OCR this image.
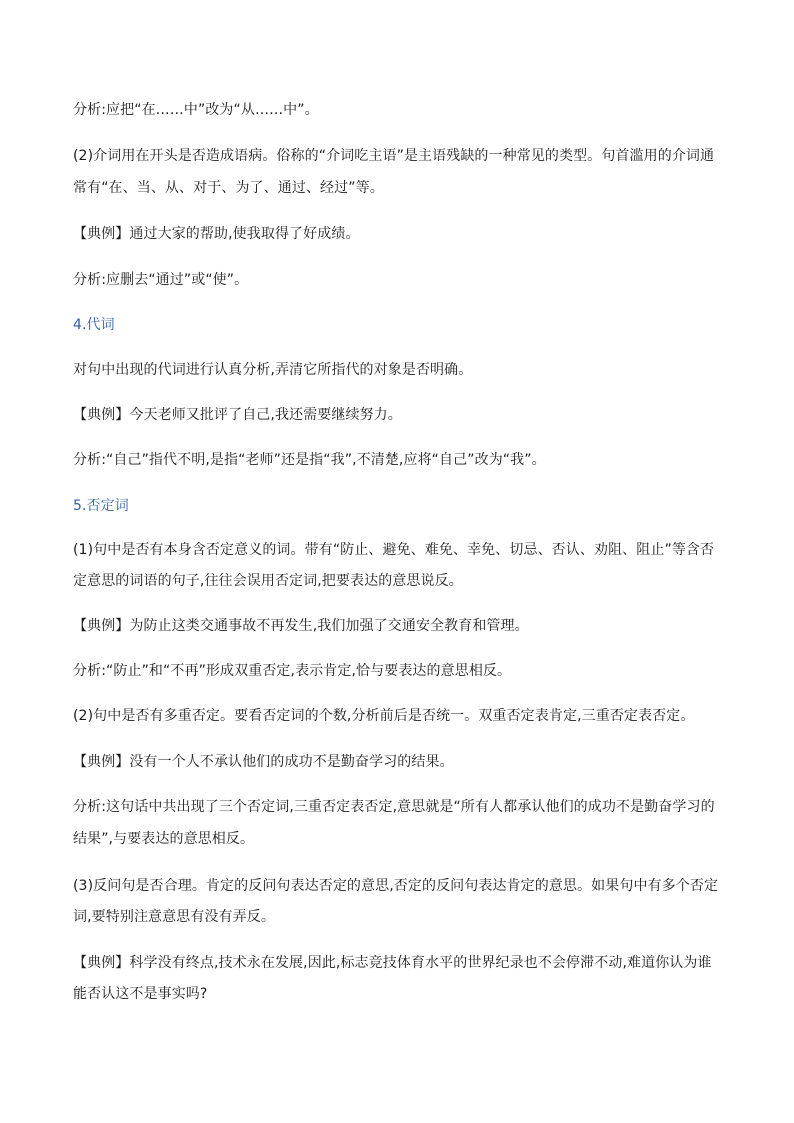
分析:应把“在……中”改为“从……中”。
(2)介词用在开头是否造成语病。俗称的“介词吃主语”是主语残缺的一种常见的类型。句首滥用的介词通
常有“在、当、从、对于、为了、通过、经过”等。
【典例】通过大家的帮助,使我取得了好成绩。
分析:应删去“通过”或“使”。
4.代词
对句中出现的代词进行认真分析,弄清它所指代的对象是否明确。
【典例】今天老师又批评了自己,我还需要继续努力。
分析:“自己”指代不明,是指“老师”还是指“我”,不清楚,应将“自己”改为“我”。
5.否定词
(1)句中是否有本身含否定意义的词。带有“防止、避免、难免、幸免、切忌、否认、劝阻、阻止”等含否
定意思的词语的句子,往往会误用否定词,把要表达的意思说反。
【典例】为防止这类交通事故不再发生,我们加强了交通安全教育和管理。
分析:“防止”和“不再”形成双重否定,表示肯定,恰与要表达的意思相反。
(2)句中是否有多重否定。要看否定词的个数,分析前后是否统一。双重否定表肯定,三重否定表否定。
【典例】没有一个人不承认他们的成功不是勤奋学习的结果。
分析:这句话中共出现了三个否定词,三重否定表否定,意思就是“所有人都承认他们的成功不是勤奋学习的
结果”,与要表达的意思相反。
(3)反问句是否合理。肯定的反问句表达否定的意思,否定的反问句表达肯定的意思。如果句中有多个否定
词,要特别注意意思有没有弄反。
【典例】科学没有终点,技术永在发展,因此,标志竞技体育水平的世界纪录也不会停滞不动,难道你认为谁
能否认这不是事实吗?
